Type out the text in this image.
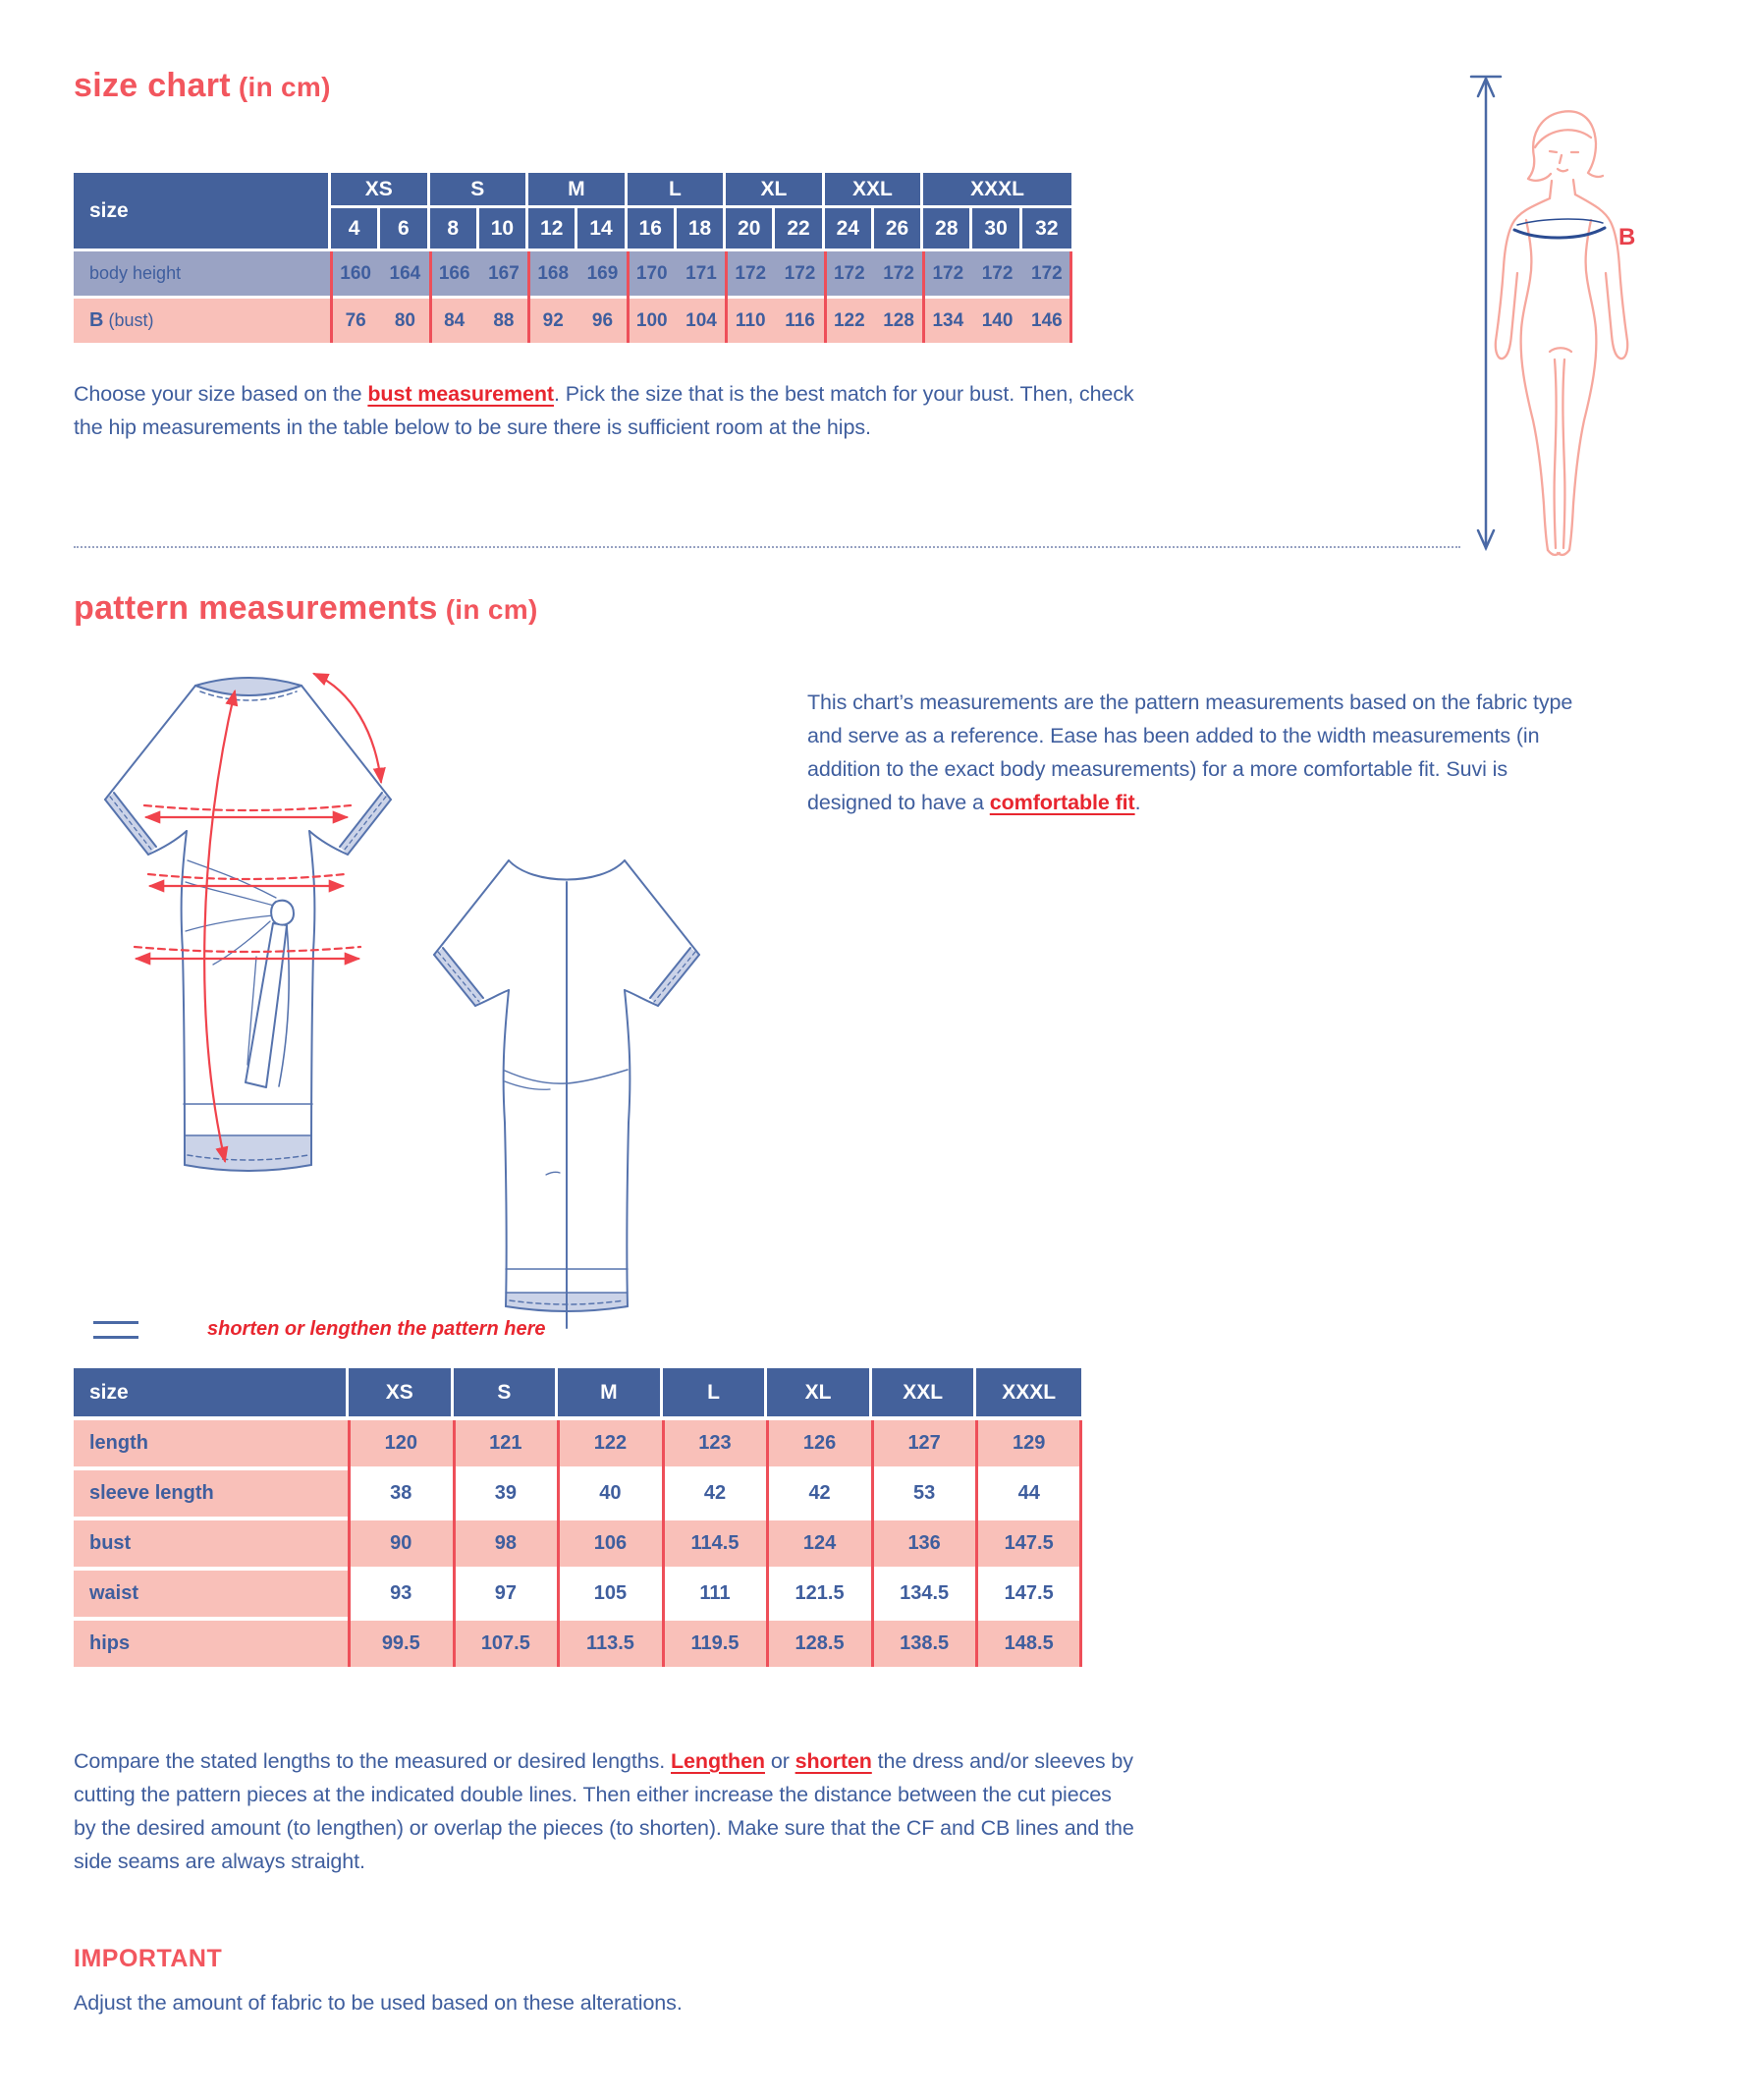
size chart (in cm)
size
XS	S	M	L	XL	XXL	XXXL
4	6	8	10	12	14	16	18	20	22	24	26	28	30	32
body height	160 164 166 167 168 169 170 171 172 172 172 172 172 172 172
B (bust)	76	80	84	88	92	96	100 104	110	116	122 128 134 140 146

Choose your size based on the bust measurement. Pick the size that is the best match for your bust. Then, check the hip measurements in the table below to be sure there is sufficient room at the hips.

B
pattern measurements (in cm)

This chart’s measurements are the pattern measurements based on the fabric type and serve as a reference. Ease has been added to the width measurements (in addition to the exact body measurements) for a more comfortable fit. Suvi is designed to have a comfortable fit.

shorten or lengthen the pattern here
size	XS	S	M	L	XL	XXL	XXXL
length	120	121	122	123	126	127	129
sleeve length	38	39	40	42	42	53	44
bust	90	98	106	114.5	124	136	147.5
waist	93	97	105	111	121.5	134.5	147.5
hips	99.5	107.5	113.5	119.5	128.5	138.5	148.5

Compare the stated lengths to the measured or desired lengths. Lengthen or shorten the dress and/or sleeves by cutting the pattern pieces at the indicated double lines. Then either increase the distance between the cut pieces by the desired amount (to lengthen) or overlap the pieces (to shorten). Make sure that the CF and CB lines and the side seams are always straight.

IMPORTANT

Adjust the amount of fabric to be used based on these alterations.
